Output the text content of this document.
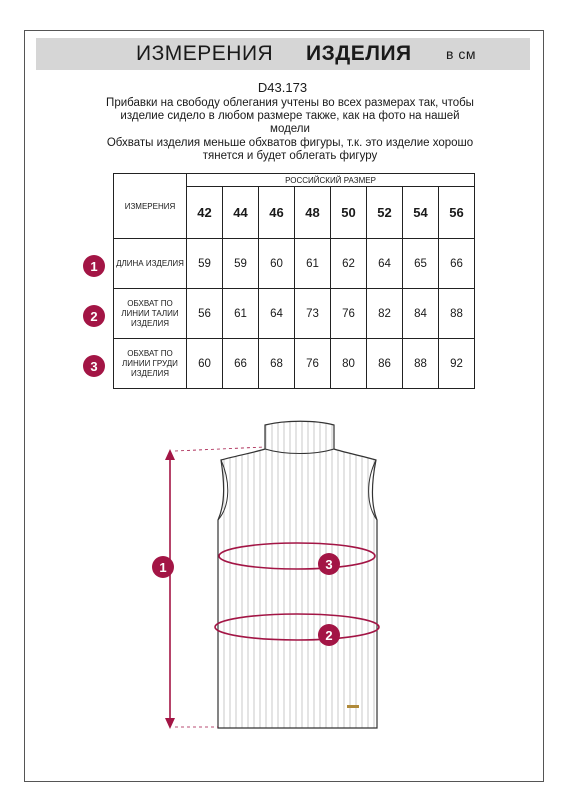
ИЗМЕРЕНИЯ ИЗДЕЛИЯ в см
D43.173
Прибавки на свободу облегания учтены во всех размерах так, чтобы изделие сидело в любом размере также, как на фото на нашей модели
Обхваты изделия меньше обхватов фигуры, т.к. это изделие хорошо тянется и будет облегать фигуру
ИЗМЕРЕНИЯ	РОССИЙСКИЙ РАЗМЕР							
	42	44	46	48	50	52	54	56
ДЛИНА ИЗДЕЛИЯ	59	59	60	61	62	64	65	66
ОБХВАТ ПО ЛИНИИ ТАЛИИ ИЗДЕЛИЯ	56	61	64	73	76	82	84	88
ОБХВАТ ПО ЛИНИИ ГРУДИ ИЗДЕЛИЯ	60	66	68	76	80	86	88	92
1
2
3
1	3
2
